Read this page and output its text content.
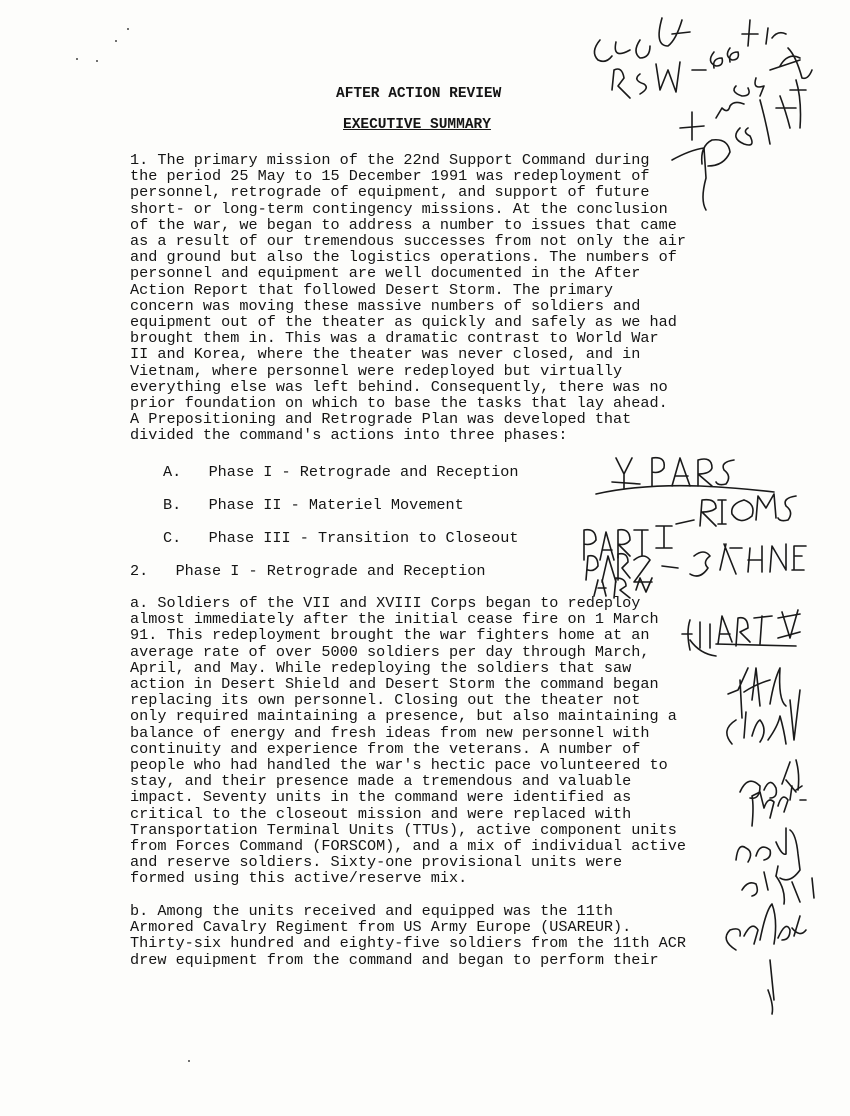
AFTER ACTION REVIEW
EXECUTIVE SUMMARY
1. The primary mission of the 22nd Support Command during
the period 25 May to 15 December 1991 was redeployment of
personnel, retrograde of equipment, and support of future
short- or long-term contingency missions. At the conclusion
of the war, we began to address a number to issues that came
as a result of our tremendous successes from not only the air
and ground but also the logistics operations. The numbers of
personnel and equipment are well documented in the After
Action Report that followed Desert Storm. The primary
concern was moving these massive numbers of soldiers and
equipment out of the theater as quickly and safely as we had
brought them in. This was a dramatic contrast to World War
II and Korea, where the theater was never closed, and in
Vietnam, where personnel were redeployed but virtually
everything else was left behind. Consequently, there was no
prior foundation on which to base the tasks that lay ahead.
A Prepositioning and Retrograde Plan was developed that
divided the command's actions into three phases:
A.   Phase I - Retrograde and Reception
B.   Phase II - Materiel Movement
C.   Phase III - Transition to Closeout
2.   Phase I - Retrograde and Reception
a. Soldiers of the VII and XVIII Corps began to redeploy
almost immediately after the initial cease fire on 1 March
91. This redeployment brought the war fighters home at an
average rate of over 5000 soldiers per day through March,
April, and May. While redeploying the soldiers that saw
action in Desert Shield and Desert Storm the command began
replacing its own personnel. Closing out the theater not
only required maintaining a presence, but also maintaining a
balance of energy and fresh ideas from new personnel with
continuity and experience from the veterans. A number of
people who had handled the war's hectic pace volunteered to
stay, and their presence made a tremendous and valuable
impact. Seventy units in the command were identified as
critical to the closeout mission and were replaced with
Transportation Terminal Units (TTUs), active component units
from Forces Command (FORSCOM), and a mix of individual active
and reserve soldiers. Sixty-one provisional units were
formed using this active/reserve mix.
b. Among the units received and equipped was the 11th
Armored Cavalry Regiment from US Army Europe (USAREUR).
Thirty-six hundred and eighty-five soldiers from the 11th ACR
drew equipment from the command and began to perform their
